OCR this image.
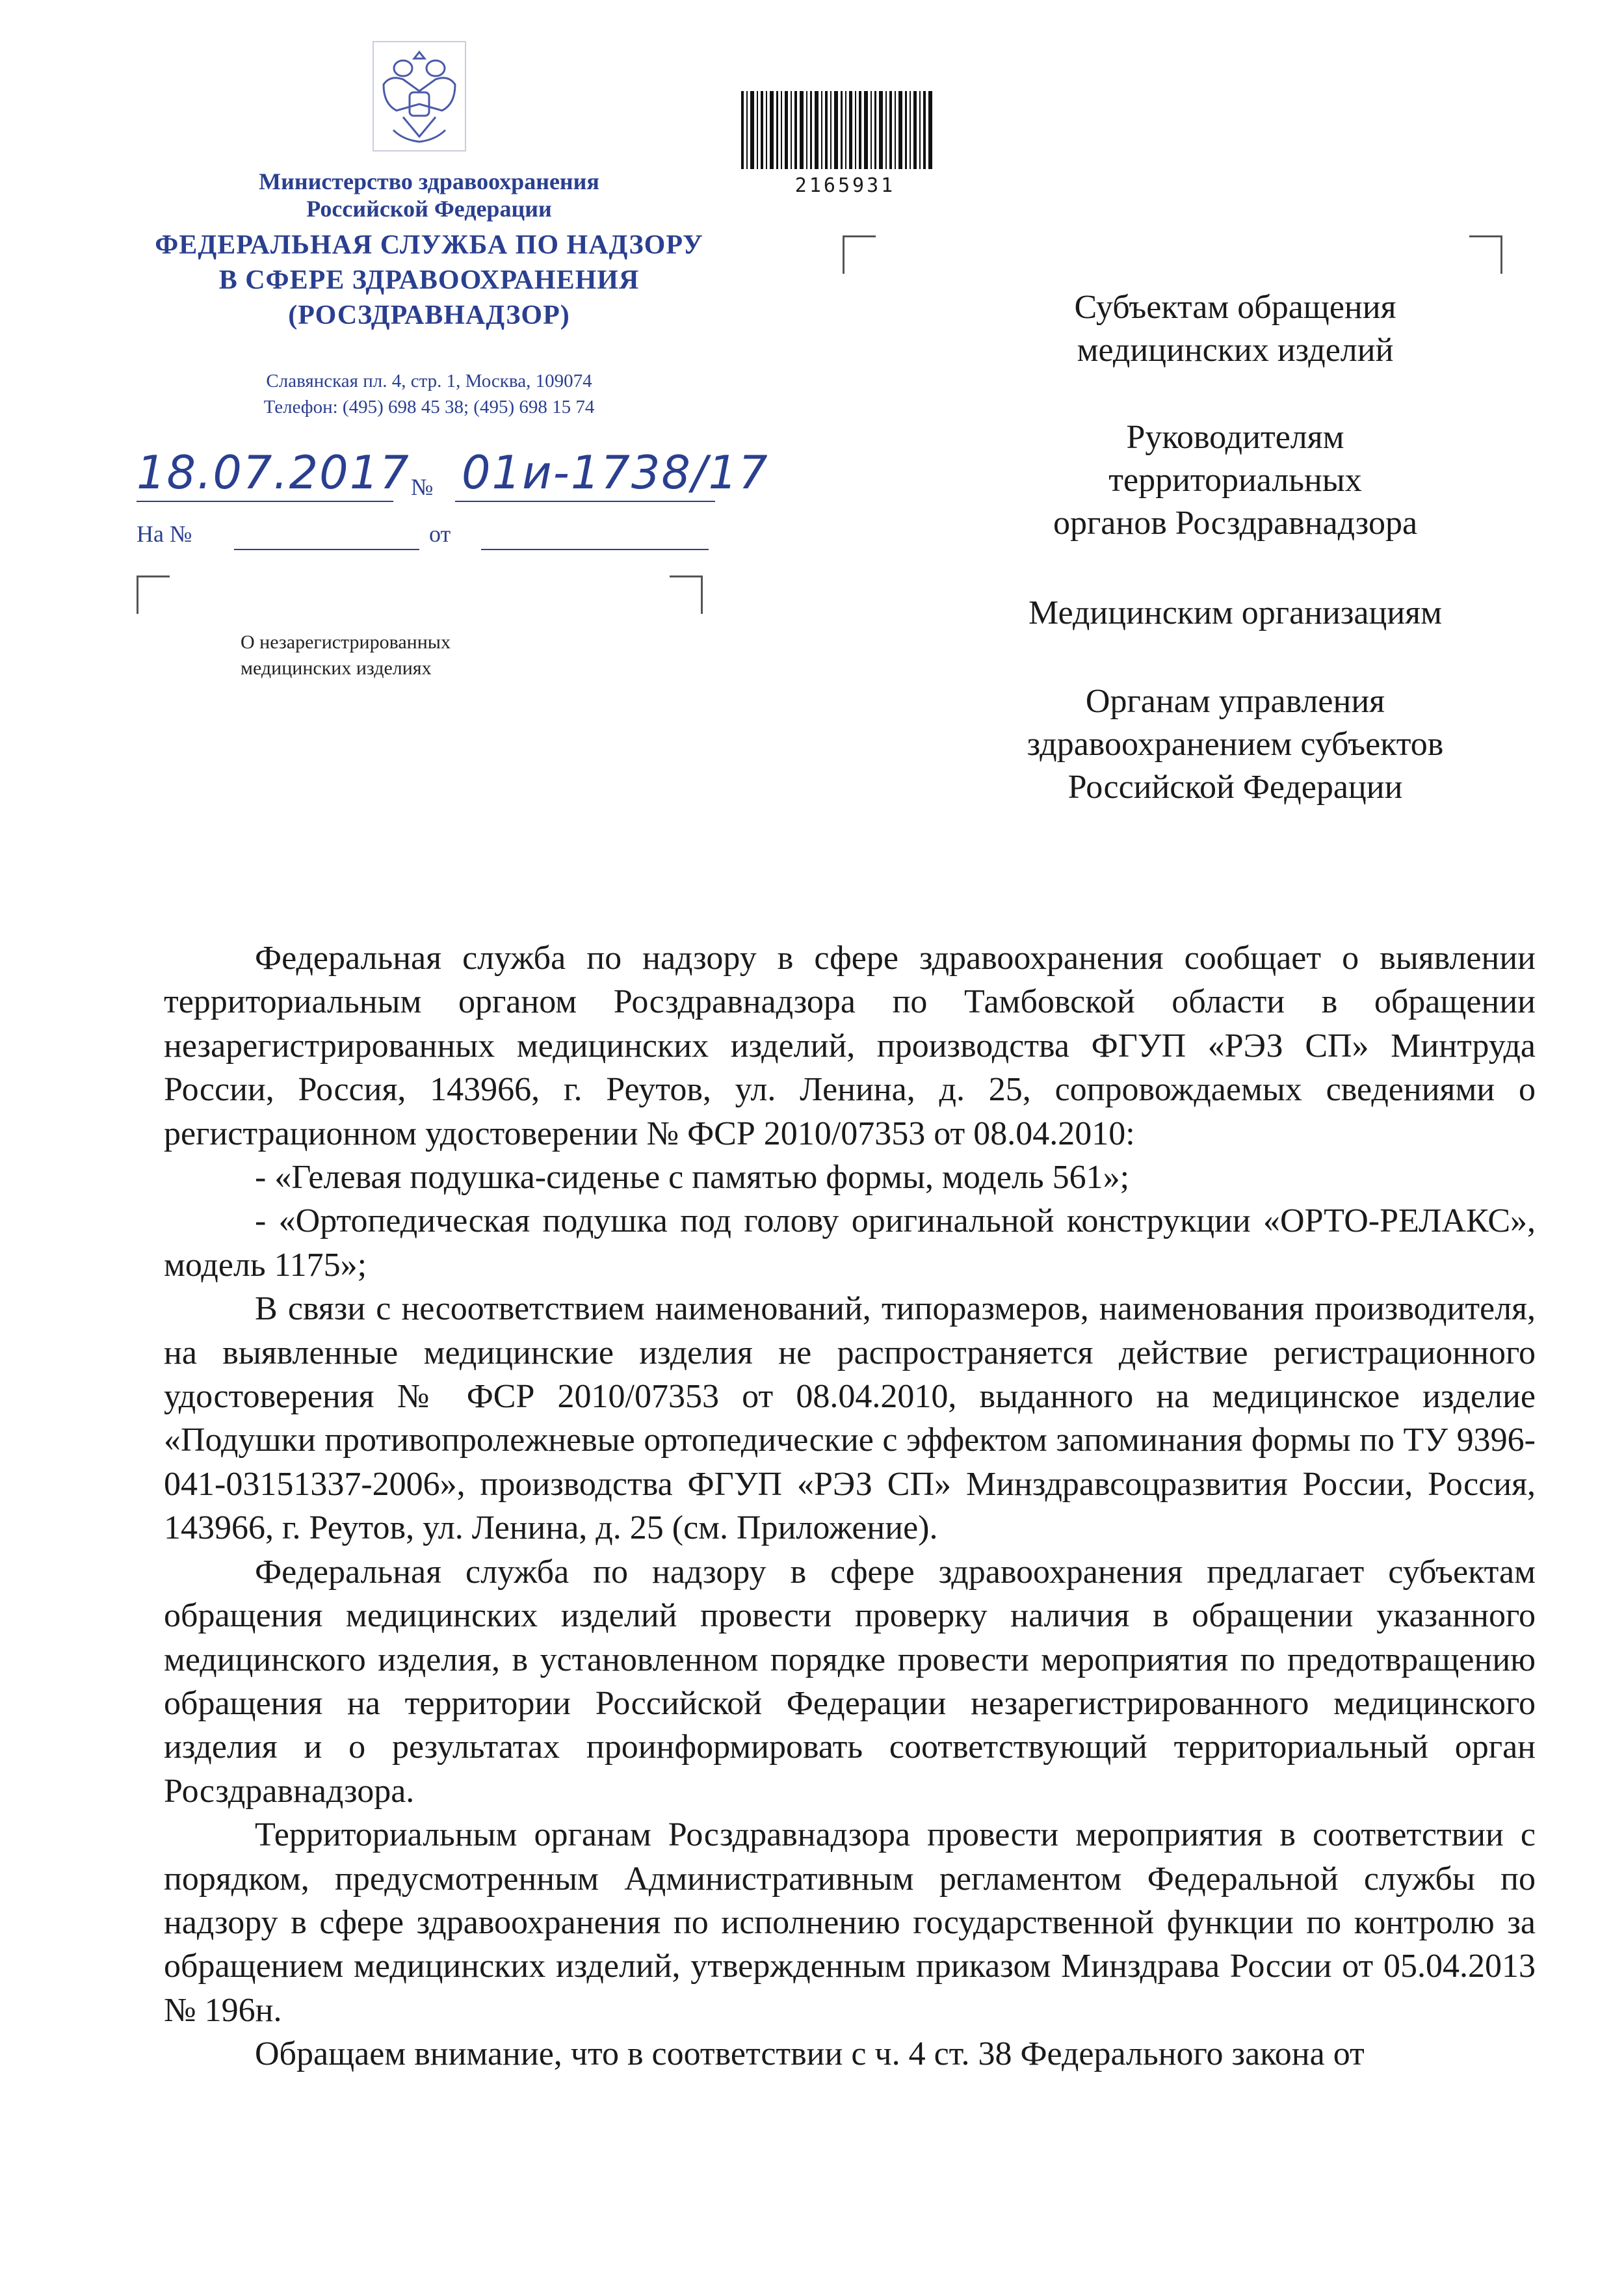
Министерство здравоохранения
Российской Федерации
ФЕДЕРАЛЬНАЯ СЛУЖБА ПО НАДЗОРУ
В СФЕРЕ ЗДРАВООХРАНЕНИЯ
(РОСЗДРАВНАДЗОР)
Славянская пл. 4, стр. 1, Москва, 109074
Телефон: (495) 698 45 38; (495) 698 15 74
18.07.2017 № 01и-1738/17
На №	от
О незарегистрированных
медицинских изделиях
2165931
Субъектам обращения
медицинских изделий
Руководителям
территориальных
органов Росздравнадзора
Медицинским организациям
Органам управления
здравоохранением субъектов
Российской Федерации

Федеральная служба по надзору в сфере здравоохранения сообщает о выявлении территориальным органом Росздравнадзора по Тамбовской области в обращении незарегистрированных медицинских изделий, производства ФГУП «РЭЗ СП» Минтруда России, Россия, 143966, г. Реутов, ул. Ленина, д. 25, сопровождаемых сведениями о регистрационном удостоверении № ФСР 2010/07353 от 08.04.2010:

- «Гелевая подушка-сиденье с памятью формы, модель 561»;

- «Ортопедическая подушка под голову оригинальной конструкции «ОРТО-РЕЛАКС», модель 1175»;

В связи с несоответствием наименований, типоразмеров, наименования производителя, на выявленные медицинские изделия не распространяется действие регистрационного удостоверения № ФСР 2010/07353 от 08.04.2010, выданного на медицинское изделие «Подушки противопролежневые ортопедические с эффектом запоминания формы по ТУ 9396-041-03151337-2006», производства ФГУП «РЭЗ СП» Минздравсоцразвития России, Россия, 143966, г. Реутов, ул. Ленина, д. 25 (см. Приложение).

Федеральная служба по надзору в сфере здравоохранения предлагает субъектам обращения медицинских изделий провести проверку наличия в обращении указанного медицинского изделия, в установленном порядке провести мероприятия по предотвращению обращения на территории Российской Федерации незарегистрированного медицинского изделия и о результатах проинформировать соответствующий территориальный орган Росздравнадзора.

Территориальным органам Росздравнадзора провести мероприятия в соответствии с порядком, предусмотренным Административным регламентом Федеральной службы по надзору в сфере здравоохранения по исполнению государственной функции по контролю за обращением медицинских изделий, утвержденным приказом Минздрава России от 05.04.2013 № 196н.

Обращаем внимание, что в соответствии с ч. 4 ст. 38 Федерального закона от
